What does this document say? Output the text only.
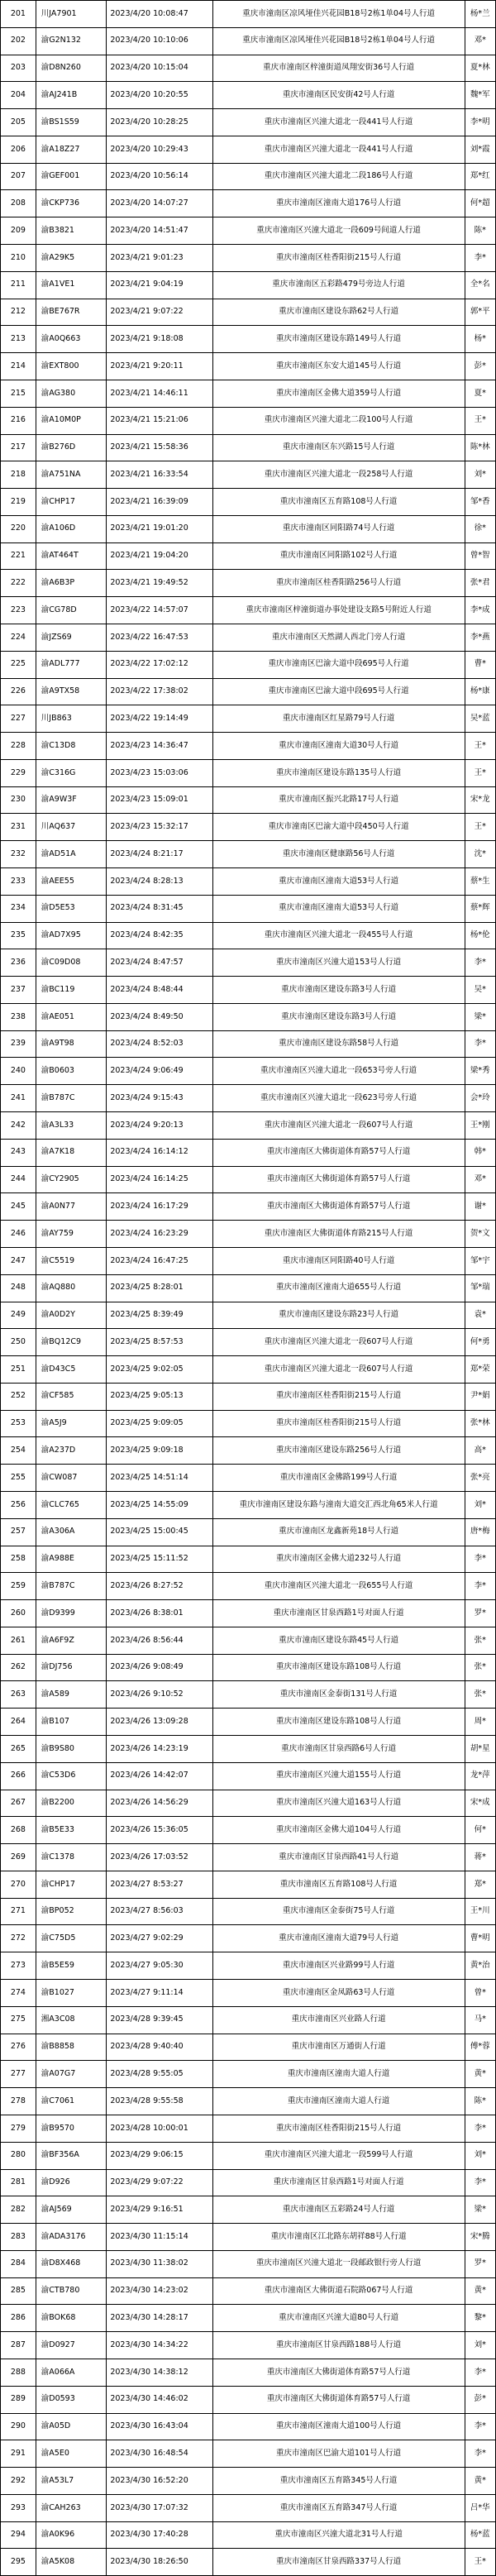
201	川JA7901	2023/4/20 10:08:47	重庆市潼南区凉风垭佳兴花园B18号2栋1单04号人行道	杨*兰
202	渝G2N132	2023/4/20 10:10:06	重庆市潼南区凉风垭佳兴花园B18号2栋1单04号人行道	邓*
203	渝D8N260	2023/4/20 10:15:04	重庆市潼南区梓潼街道凤翔安街36号人行道	夏*林
204	渝AJ241B	2023/4/20 10:20:55	重庆市潼南区民安街42号人行道	魏*军
205	渝BS1S59	2023/4/20 10:28:25	重庆市潼南区兴潼大道北一段441号人行道	李*明
206	渝A18Z27	2023/4/20 10:29:43	重庆市潼南区兴潼大道北一段441号人行道	刘*霞
207	渝GEF001	2023/4/20 10:56:14	重庆市潼南区兴潼大道北二段186号人行道	郑*红
208	渝CKP736	2023/4/20 14:07:27	重庆市潼南区潼南大道176号人行道	何*超
209	渝B3821	2023/4/20 14:51:47	重庆市潼南区兴潼大道北一段609号间道人行道	陈*
210	渝A29K5	2023/4/21 9:01:23	重庆市潼南区桂香阳街215号人行道	李*
211	渝A1VE1	2023/4/21 9:04:19	重庆市潼南区五彩路479号旁边人行道	全*名
212	渝BE767R	2023/4/21 9:07:22	重庆市潼南区建设东路62号人行道	郭*平
213	渝A0Q663	2023/4/21 9:18:08	重庆市潼南区建设东路149号人行道	杨*
214	渝EXT800	2023/4/21 9:20:11	重庆市潼南区东安大道145号人行道	彭*
215	渝AG380	2023/4/21 14:46:11	重庆市潼南区金佛大道359号人行道	夏*
216	渝A10M0P	2023/4/21 15:21:06	重庆市潼南区兴潼大道北二段100号人行道	王*
217	渝B276D	2023/4/21 15:58:36	重庆市潼南区东兴路15号人行道	陈*林
218	渝A751NA	2023/4/21 16:33:54	重庆市潼南区兴潼大道北一段258号人行道	刘*
219	渝CHP17	2023/4/21 16:39:09	重庆市潼南区五育路108号人行道	邹*香
220	渝A106D	2023/4/21 19:01:20	重庆市潼南区同阳路74号人行道	徐*
221	渝AT464T	2023/4/21 19:04:20	重庆市潼南区同阳路102号人行道	曾*智
222	渝A6B3P	2023/4/21 19:49:52	重庆市潼南区桂香阳路256号人行道	张*君
223	渝CG78D	2023/4/22 14:57:07	重庆市潼南区梓潼街道办事处建设支路5号附近人行道	李*成
224	渝JZS69	2023/4/22 16:47:53	重庆市潼南区天然湖人西北门旁人行道	李*燕
225	渝ADL777	2023/4/22 17:02:12	重庆市潼南区巴渝大道中段695号人行道	曹*
226	渝A9TX58	2023/4/22 17:38:02	重庆市潼南区巴渝大道中段695号人行道	杨*康
227	川JB863	2023/4/22 19:14:49	重庆市潼南区红星路79号人行道	吴*蓝
228	渝C13D8	2023/4/23 14:36:47	重庆市潼南区潼南大道30号人行道	王*
229	渝C316G	2023/4/23 15:03:06	重庆市潼南区建设东路135号人行道	王*
230	渝A9W3F	2023/4/23 15:09:01	重庆市潼南区振兴北路17号人行道	宋*龙
231	川AQ637	2023/4/23 15:32:17	重庆市潼南区巴渝大道中段450号人行道	王*
232	渝AD51A	2023/4/24 8:21:17	重庆市潼南区健康路56号人行道	沈*
233	渝AEE55	2023/4/24 8:28:13	重庆市潼南区潼南大道53号人行道	蔡*生
234	渝D5E53	2023/4/24 8:31:45	重庆市潼南区潼南大道53号人行道	蔡*辉
235	渝AD7X95	2023/4/24 8:42:35	重庆市潼南区兴潼大道北一段455号人行道	杨*伦
236	渝C09D08	2023/4/24 8:47:57	重庆市潼南区兴潼大道153号人行道	李*
237	渝BC119	2023/4/24 8:48:44	重庆市潼南区建设东路3号人行道	吴*
238	渝AE051	2023/4/24 8:49:50	重庆市潼南区建设东路3号人行道	梁*
239	渝A9T98	2023/4/24 8:52:03	重庆市潼南区建设东路58号人行道	李*
240	渝B0603	2023/4/24 9:06:49	重庆市潼南区兴潼大道北一段653号旁人行道	梁*秀
241	渝B787C	2023/4/24 9:15:43	重庆市潼南区兴潼大道北一段623号旁人行道	会*玲
242	渝A3L33	2023/4/24 9:20:13	重庆市潼南区兴潼大道北一段607号人行道	王*刚
243	渝A7K18	2023/4/24 16:14:12	重庆市潼南区大佛街道体育路57号人行道	韩*
244	渝CY2905	2023/4/24 16:14:25	重庆市潼南区大佛街道体育路57号人行道	邓*
245	渝A0N77	2023/4/24 16:17:29	重庆市潼南区大佛街道体育路57号人行道	谢*
246	渝AY759	2023/4/24 16:23:29	重庆市潼南区大佛街道体育路215号人行道	贺*文
247	渝C5519	2023/4/24 16:47:25	重庆市潼南区同阳路40号人行道	邹*宇
248	渝AQ880	2023/4/25 8:28:01	重庆市潼南区潼南大道655号人行道	邹*瑞
249	渝A0D2Y	2023/4/25 8:39:49	重庆市潼南区建设东路23号人行道	袁*
250	渝BQ12C9	2023/4/25 8:57:53	重庆市潼南区兴潼大道北一段607号人行道	何*勇
251	渝D43C5	2023/4/25 9:02:05	重庆市潼南区兴潼大道北一段607号人行道	郑*荣
252	渝CF585	2023/4/25 9:05:13	重庆市潼南区桂香阳街215号人行道	尹*娟
253	渝A5J9	2023/4/25 9:09:05	重庆市潼南区桂香阳街215号人行道	张*林
254	渝A237D	2023/4/25 9:09:18	重庆市潼南区建设东路256号人行道	高*
255	渝CW087	2023/4/25 14:51:14	重庆市潼南区金佛路199号人行道	张*亮
256	渝CLC765	2023/4/25 14:55:09	重庆市潼南区建设东路与潼南大道交汇西北角65米人行道	刘*
257	渝A306A	2023/4/25 15:00:45	重庆市潼南区龙鑫新苑18号人行道	唐*梅
258	渝A988E	2023/4/25 15:11:52	重庆市潼南区金佛大道232号人行道	李*
259	渝B787C	2023/4/26 8:27:52	重庆市潼南区兴潼大道北一段655号人行道	李*
260	渝D9399	2023/4/26 8:38:01	重庆市潼南区甘泉西路1号对面人行道	罗*
261	渝A6F9Z	2023/4/26 8:56:44	重庆市潼南区建设东路45号人行道	张*
262	渝DJ756	2023/4/26 9:08:49	重庆市潼南区建设东路108号人行道	张*
263	渝A589	2023/4/26 9:10:52	重庆市潼南区金泰街131号人行道	张*
264	渝B107	2023/4/26 13:09:28	重庆市潼南区建设东路108号人行道	周*
265	渝B9S80	2023/4/26 14:23:19	重庆市潼南区甘泉西路6号人行道	胡*星
266	渝C53D6	2023/4/26 14:42:07	重庆市潼南区兴潼大道155号人行道	龙*萍
267	渝B2200	2023/4/26 14:56:29	重庆市潼南区兴潼大道163号人行道	宋*成
268	渝B5E33	2023/4/26 15:36:05	重庆市潼南区金佛大道104号人行道	何*
269	渝C1378	2023/4/26 17:03:52	重庆市潼南区甘泉西路41号人行道	蒋*
270	渝CHP17	2023/4/27 8:53:27	重庆市潼南区五育路108号人行道	郑*
271	渝BP052	2023/4/27 8:56:03	重庆市潼南区金泰街75号人行道	王*川
272	渝C75D5	2023/4/27 9:02:29	重庆市潼南区潼南大道79号人行道	曹*明
273	渝B5E59	2023/4/27 9:05:30	重庆市潼南区兴业路99号人行道	黄*治
274	渝B1027	2023/4/27 9:11:14	重庆市潼南区金凤路63号人行道	曾*
275	湘A3C08	2023/4/28 9:39:45	重庆市潼南区兴业路人行道	马*
276	渝B8858	2023/4/28 9:40:40	重庆市潼南区万通街人行道	傅*蓉
277	渝A07G7	2023/4/28 9:55:05	重庆市潼南区潼南大道人行道	黄*
278	渝C7061	2023/4/28 9:55:58	重庆市潼南区潼南大道人行道	陈*
279	渝B9570	2023/4/28 10:00:01	重庆市潼南区桂香阳街215号人行道	李*
280	渝BF356A	2023/4/29 9:06:15	重庆市潼南区兴潼大道北一段599号人行道	刘*
281	渝D926	2023/4/29 9:07:22	重庆市潼南区甘泉西路1号对面人行道	李*
282	渝AJ569	2023/4/29 9:16:51	重庆市潼南区五彩路24号人行道	梁*
283	渝ADA3176	2023/4/30 11:15:14	重庆市潼南区江北路东胡祥88号人行道	宋*腾
284	渝D8X468	2023/4/30 11:38:02	重庆市潼南区兴潼大道北一段邮政银行旁人行道	罗*
285	渝CTB780	2023/4/30 14:23:02	重庆市潼南区大佛街道石院路067号人行道	黄*
286	渝BOK68	2023/4/30 14:28:17	重庆市潼南区兴潼大道80号人行道	黎*
287	渝D0927	2023/4/30 14:34:22	重庆市潼南区甘泉西路188号人行道	刘*
288	渝A066A	2023/4/30 14:38:12	重庆市潼南区大佛街道体育路57号人行道	李*
289	渝D0593	2023/4/30 14:46:02	重庆市潼南区大佛街道体育路57号人行道	彭*
290	渝A05D	2023/4/30 16:43:04	重庆市潼南区潼南大道100号人行道	李*
291	渝A5E0	2023/4/30 16:48:54	重庆市潼南区巴渝大道101号人行道	李*
292	渝A53L7	2023/4/30 16:52:20	重庆市潼南区五育路345号人行道	黄*
293	渝CAH263	2023/4/30 17:07:32	重庆市潼南区五育路347号人行道	吕*华
294	渝A0K96	2023/4/30 17:40:28	重庆市潼南区兴潼大道北31号人行道	杨*蓝
295	渝A5K08	2023/4/30 18:26:50	重庆市潼南区甘泉西路337号人行道	王*
